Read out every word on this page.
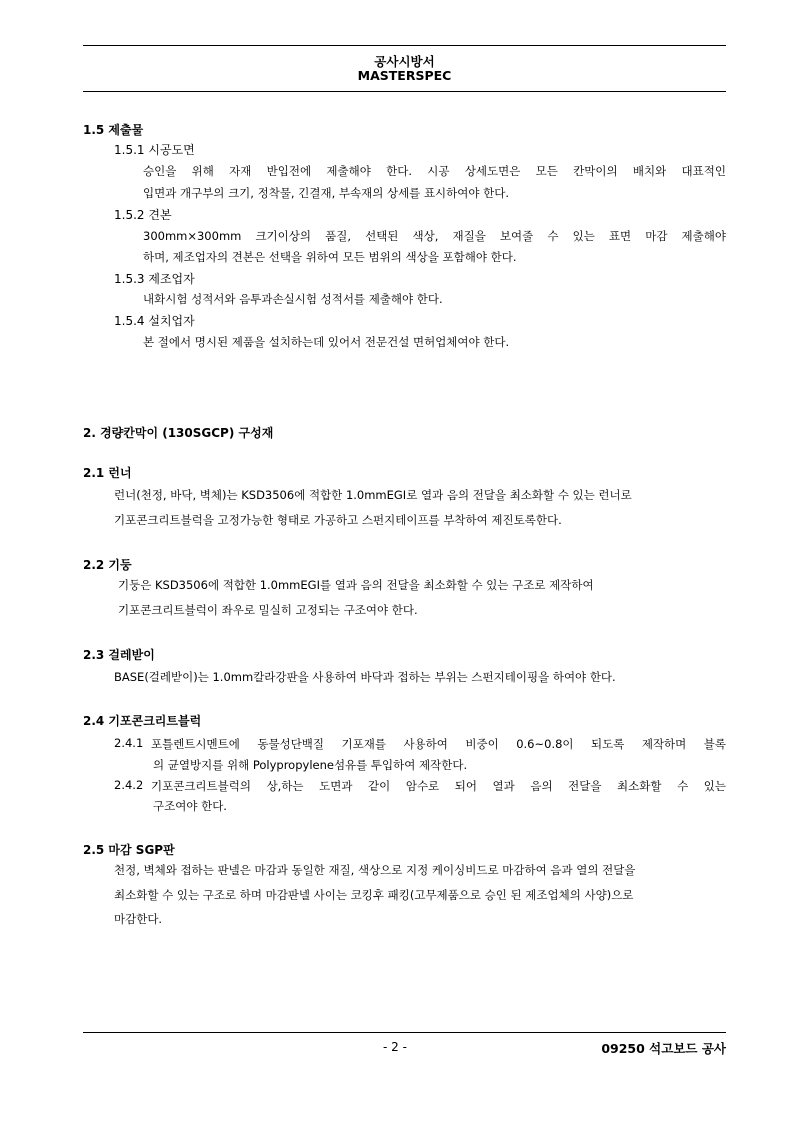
공사시방서
MASTERSPEC
1.5 제출물
1.5.1 시공도면
승인을 위해 자재 반입전에 제출해야 한다. 시공 상세도면은 모든 칸막이의 배치와 대표적인
입면과 개구부의 크기, 정착물, 긴결재, 부속재의 상세를 표시하여야 한다.
1.5.2 견본
300mm×300mm 크기이상의 품질, 선택된 색상, 재질을 보여줄 수 있는 표면 마감 제출해야
하며, 제조업자의 견본은 선택을 위하여 모든 범위의 색상을 포함해야 한다.
1.5.3 제조업자
내화시험 성적서와 음투과손실시험 성적서를 제출해야 한다.
1.5.4 설치업자
본 절에서 명시된 제품을 설치하는데 있어서 전문건설 면허업체여야 한다.
2. 경량칸막이 (130SGCP) 구성재
2.1 런너
런너(천정, 바닥, 벽체)는 KSD3506에 적합한 1.0mmEGI로 열과 음의 전달을 최소화할 수 있는 런너로
기포콘크리트블럭을 고정가능한 형태로 가공하고 스펀지테이프를 부착하여 제진토록한다.
2.2 기둥
기둥은 KSD3506에 적합한 1.0mmEGI를 열과 음의 전달을 최소화할 수 있는 구조로 제작하여
기포콘크리트블럭이 좌우로 밀실히 고정되는 구조여야 한다.
2.3 걸레받이
BASE(걸레받이)는 1.0mm칼라강판을 사용하여 바닥과 접하는 부위는 스펀지테이핑을 하여야 한다.
2.4 기포콘크리트블럭
2.4.1 포틀렌트시멘트에 동물성단백질 기포재를 사용하여 비중이 0.6~0.8이 되도록 제작하며 블록
의 균열방지를 위해 Polypropylene섬유를 투입하여 제작한다.
2.4.2 기포콘크리트블럭의 상,하는 도면과 같이 암수로 되어 열과 음의 전달을 최소화할 수 있는
구조여야 한다.
2.5 마감 SGP판
천정, 벽체와 접하는 판넬은 마감과 동일한 재질, 색상으로 지정 케이싱비드로 마감하여 음과 열의 전달을
최소화할 수 있는 구조로 하며 마감판넬 사이는 코킹후 패킹(고무제품으로 승인 된 제조업체의 사양)으로
마감한다.
- 2 -	09250 석고보드 공사
